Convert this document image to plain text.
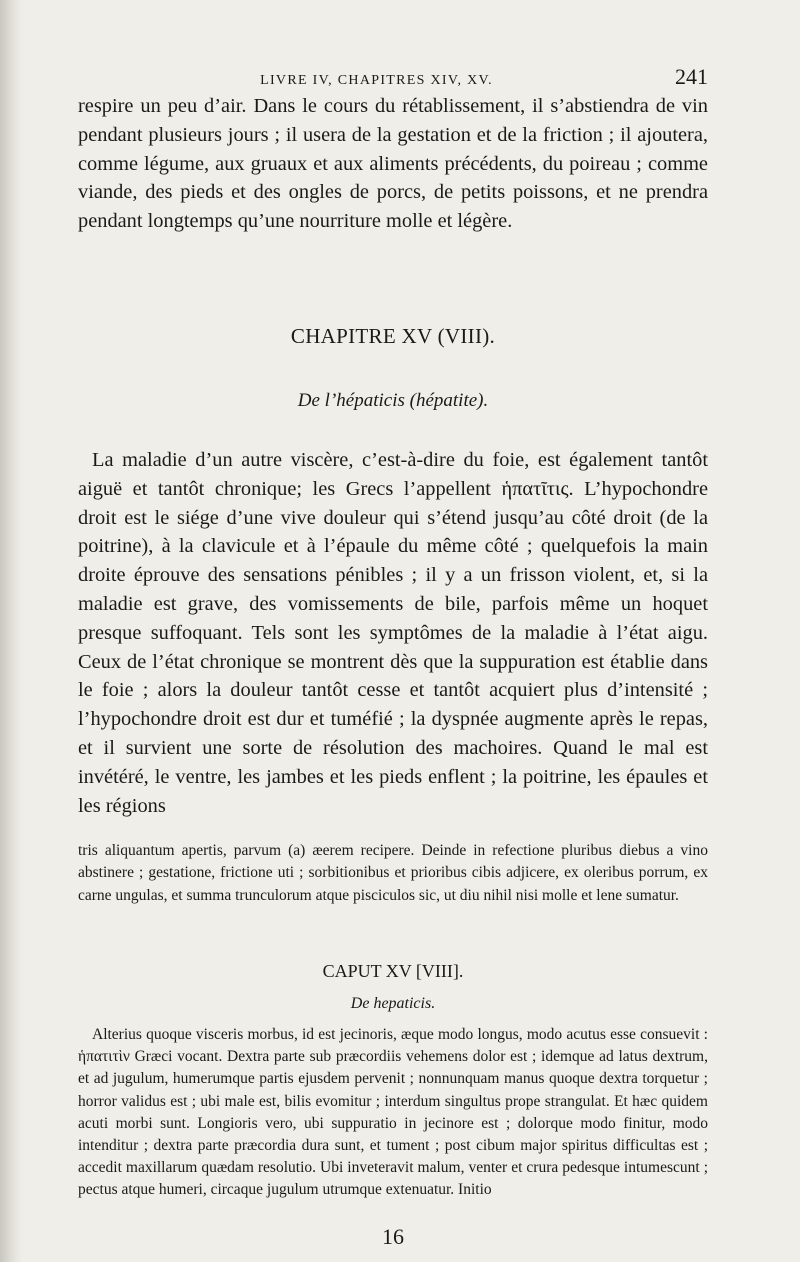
LIVRE IV, CHAPITRES XIV, XV.	241

respire un peu d’air. Dans le cours du rétablissement, il s’abstiendra de vin pendant plusieurs jours ; il usera de la gestation et de la friction ; il ajoutera, comme légume, aux gruaux et aux aliments précédents, du poireau ; comme viande, des pieds et des ongles de porcs, de petits poissons, et ne prendra pendant longtemps qu’une nourriture molle et légère.

CHAPITRE XV (VIII).
De l’hépaticis (hépatite).

La maladie d’un autre viscère, c’est-à-dire du foie, est également tantôt aiguë et tantôt chronique; les Grecs l’appellent ἡπατῖτις. L’hypochondre droit est le siége d’une vive douleur qui s’étend jusqu’au côté droit (de la poitrine), à la clavicule et à l’épaule du même côté ; quelquefois la main droite éprouve des sensations pénibles ; il y a un frisson violent, et, si la maladie est grave, des vomissements de bile, parfois même un hoquet presque suffoquant. Tels sont les symptômes de la maladie à l’état aigu. Ceux de l’état chronique se montrent dès que la suppuration est établie dans le foie ; alors la douleur tantôt cesse et tantôt acquiert plus d’intensité ; l’hypochondre droit est dur et tuméfié ; la dyspnée augmente après le repas, et il survient une sorte de résolution des machoires. Quand le mal est invétéré, le ventre, les jambes et les pieds enflent ; la poitrine, les épaules et les régions

tris aliquantum apertis, parvum (a) æerem recipere. Deinde in refectione pluribus diebus a vino abstinere ; gestatione, frictione uti ; sorbitionibus et prioribus cibis adjicere, ex oleribus porrum, ex carne ungulas, et summa trunculorum atque pisciculos sic, ut diu nihil nisi molle et lene sumatur.

CAPUT XV [VIII].
De hepaticis.

Alterius quoque visceris morbus, id est jecinoris, æque modo longus, modo acutus esse consuevit : ἡπατιτὶν Græci vocant. Dextra parte sub præcordiis vehemens dolor est ; idemque ad latus dextrum, et ad jugulum, humerumque partis ejusdem pervenit ; nonnunquam manus quoque dextra torquetur ; horror validus est ; ubi male est, bilis evomitur ; interdum singultus prope strangulat. Et hæc quidem acuti morbi sunt. Longioris vero, ubi suppuratio in jecinore est ; dolorque modo finitur, modo intenditur ; dextra parte præcordia dura sunt, et tument ; post cibum major spiritus difficultas est ; accedit maxillarum quædam resolutio. Ubi inveteravit malum, venter et crura pedesque intumescunt ; pectus atque humeri, circaque jugulum utrumque extenuatur. Initio

16
